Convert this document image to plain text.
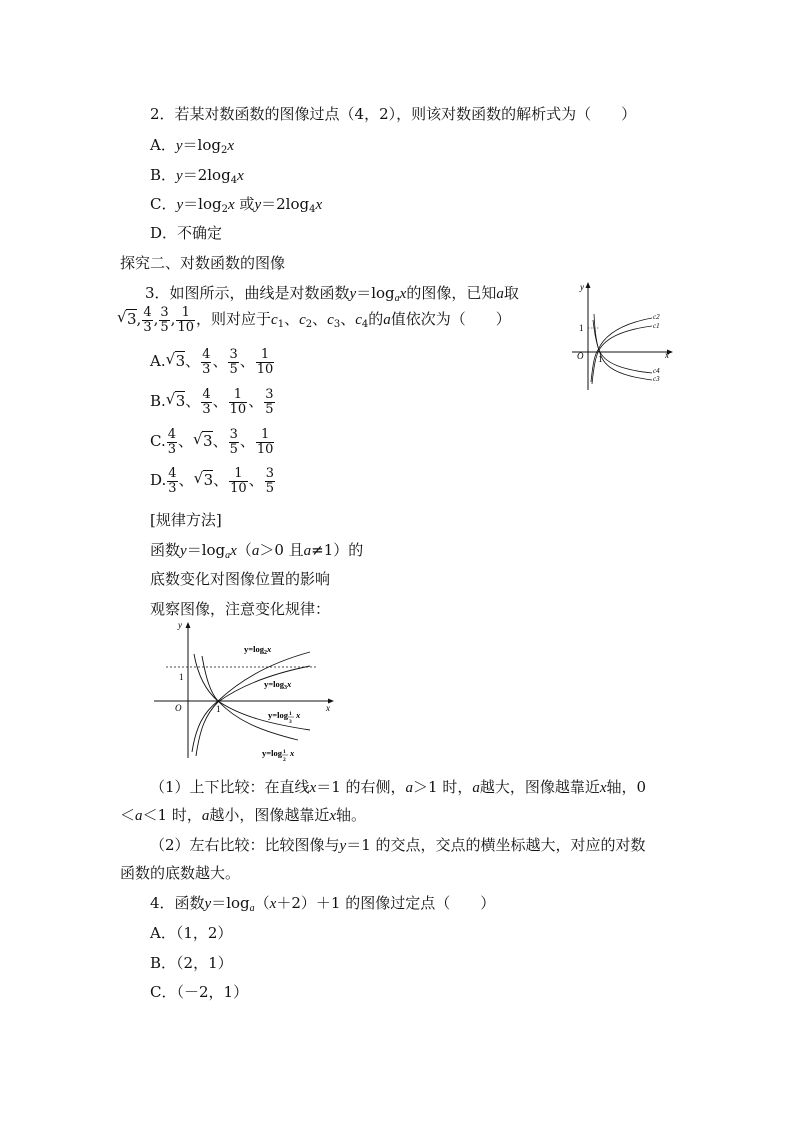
2．若某对数函数的图像过点（4，2），则该对数函数的解析式为（　　）
A．$y=\log_2x$
B．$y=2\log_4x$
C．$y=\log_2x$ 或$y=2\log_4x$
D．不确定
探究二、对数函数的图像
3．如图所示，曲线是对数函数$y=\log_ax$的图像，已知a取
√ 3, $\frac{4}{3}$ , $\frac{3}{5}$ , $\frac{1}{10}$ ，则对应于$c_1$、$c_2$、$c_3$、$c_4$的a值依次为（　　）
A. √ 3、 $\frac{4}{3}$ 、 $\frac{3}{5}$ 、 $\frac{1}{10}$
B. √ 3、 $\frac{4}{3}$ 、 $\frac{1}{10}$ 、 $\frac{3}{5}$
C. $\frac{4}{3}$ 、 √ 3、 $\frac{3}{5}$ 、 $\frac{1}{10}$
D. $\frac{4}{3}$ 、 √ 3、 $\frac{1}{10}$ 、 $\frac{3}{5}$
y
x
1
1
O
c2
c1
c4
c3
[规律方法]
函数$y=\log_ax(a>0$ 且a≠1）的
底数变化对图像位置的影响
观察图像，注意变化规律：
y
x
1
1
O
$y=\log_2x$
$y=\log_3x$
y=log 1
3
x
y=log 1
2
x
（1）上下比较：在直线x＝1 的右侧，a＞1 时，a越大，图像越靠近x轴，0
＜a＜1 时，a越小，图像越靠近x轴。
（2）左右比较：比较图像与y＝1 的交点，交点的横坐标越大，对应的对数
函数的底数越大。
4．函数$y=\log_a(x+2)+1$ 的图像过定点（　　）
A．（1，2）
B．（2，1）
C．（－2，1）
